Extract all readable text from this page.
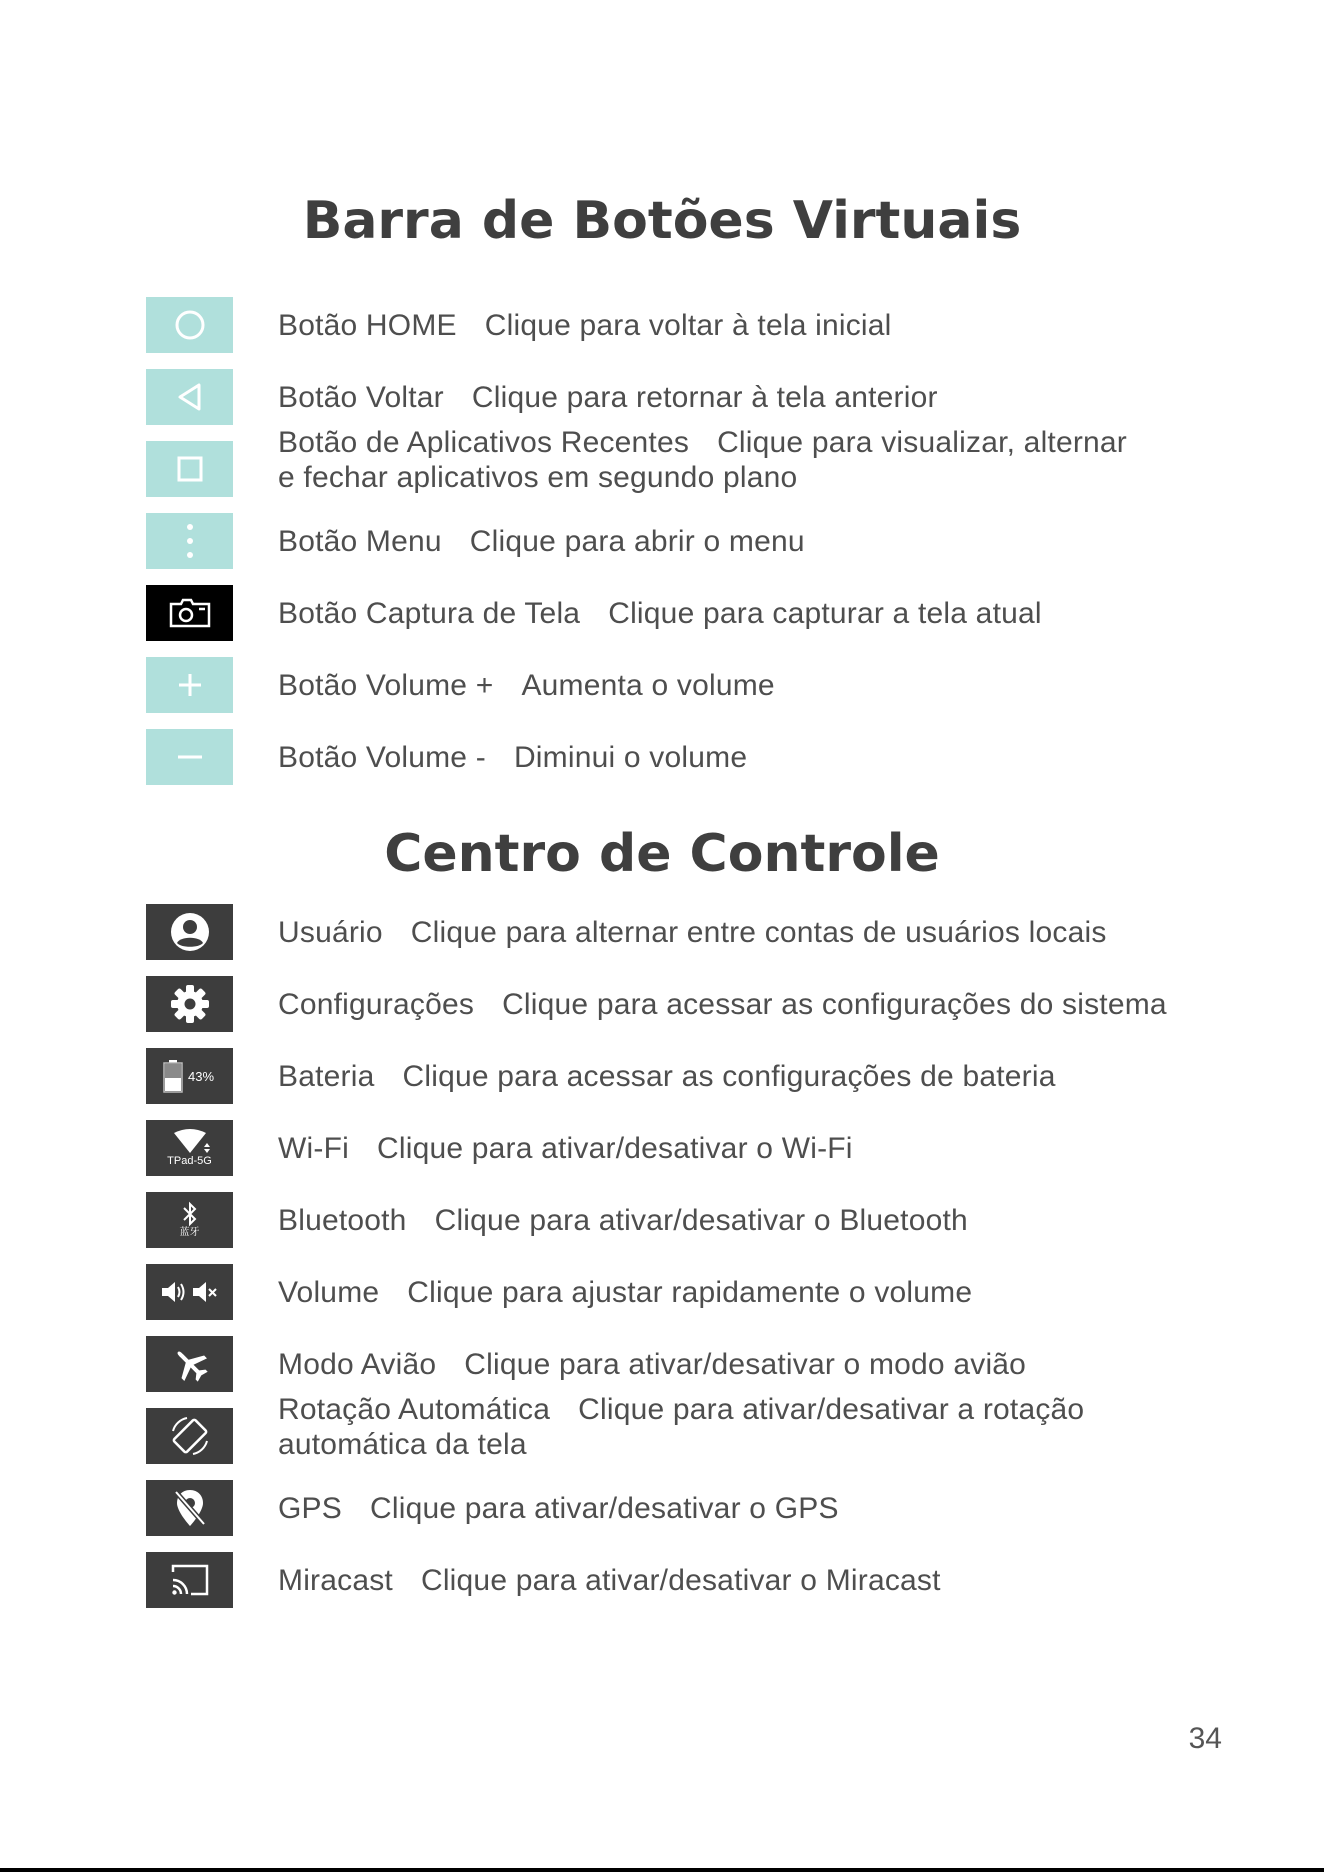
Barra de Botões Virtuais
Botão HOME Clique para voltar à tela inicial
Botão Voltar Clique para retornar à tela anterior
Botão de Aplicativos Recentes Clique para visualizar, alternar
e fechar aplicativos em segundo plano
Botão Menu Clique para abrir o menu
Botão Captura de Tela Clique para capturar a tela atual
Botão Volume + Aumenta o volume
Botão Volume - Diminui o volume
Centro de Controle
Usuário Clique para alternar entre contas de usuários locais
Configurações Clique para acessar as configurações do sistema
43% Bateria Clique para acessar as configurações de bateria
TPad-5G Wi-Fi Clique para ativar/desativar o Wi-Fi
蓝牙	Bluetooth Clique para ativar/desativar o Bluetooth
Volume Clique para ajustar rapidamente o volume
Modo Avião Clique para ativar/desativar o modo avião
Rotação Automática Clique para ativar/desativar a rotação
automática da tela
GPS Clique para ativar/desativar o GPS
Miracast Clique para ativar/desativar o Miracast
34
